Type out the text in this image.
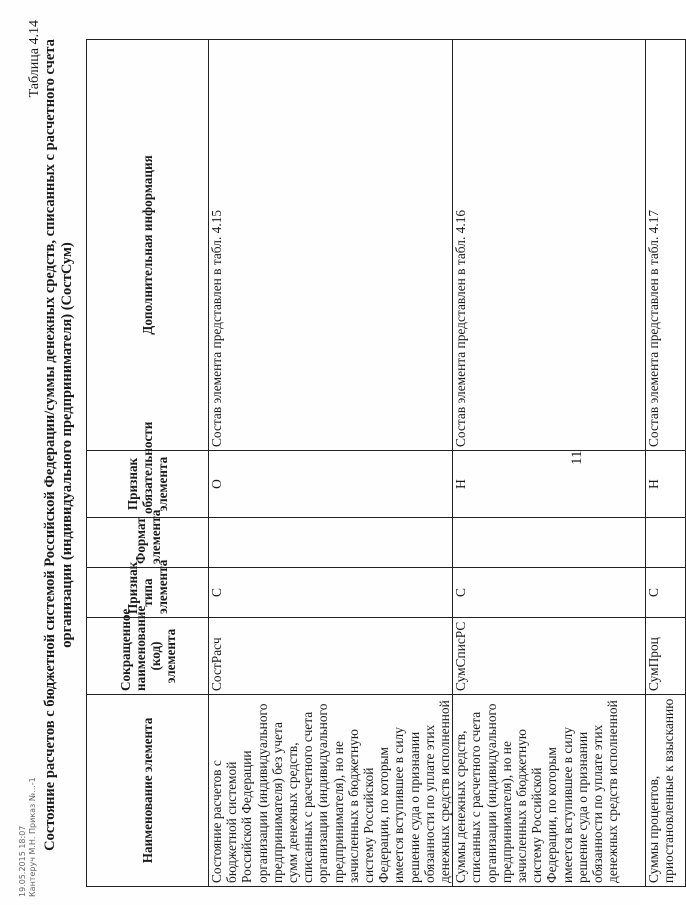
Таблица 4.14 Состояние расчетов с бюджетной системой Российской Федерации/суммы денежных средств, списанных с расчетного счета организации (индивидуального предпринимателя) (СостСум)	11
Наименование элемента	Сокращенное наименование (код) элемента	Признак типа элемента	Формат элемента	Признак обязательности элемента	Дополнительная информация
Состояние расчетов с бюджетной системой Российской Федерации организации (индивидуального предпринимателя) без учета сумм денежных средств, списанных с расчетного счета организации (индивидуального предпринимателя), но не зачисленных в бюджетную систему Российской Федерации, по которым имеется вступившее в силу решение суда о признании обязанности по уплате этих денежных средств исполненной	СостРасч	С		О	Состав элемента представлен в табл. 4.15
Суммы денежных средств, списанных с расчетного счета организации (индивидуального предпринимателя), но не зачисленных в бюджетную систему Российской Федерации, по которым имеется вступившее в силу решение суда о признании обязанности по уплате этих денежных средств исполненной	СумСписРС	С		Н	Состав элемента представлен в табл. 4.16
Суммы процентов, приостановленные к взысканию	СумПроц	С		Н	Состав элемента представлен в табл. 4.17
19.05.2015 18:07 Кантеруч М.Н. Приказ №...-1
